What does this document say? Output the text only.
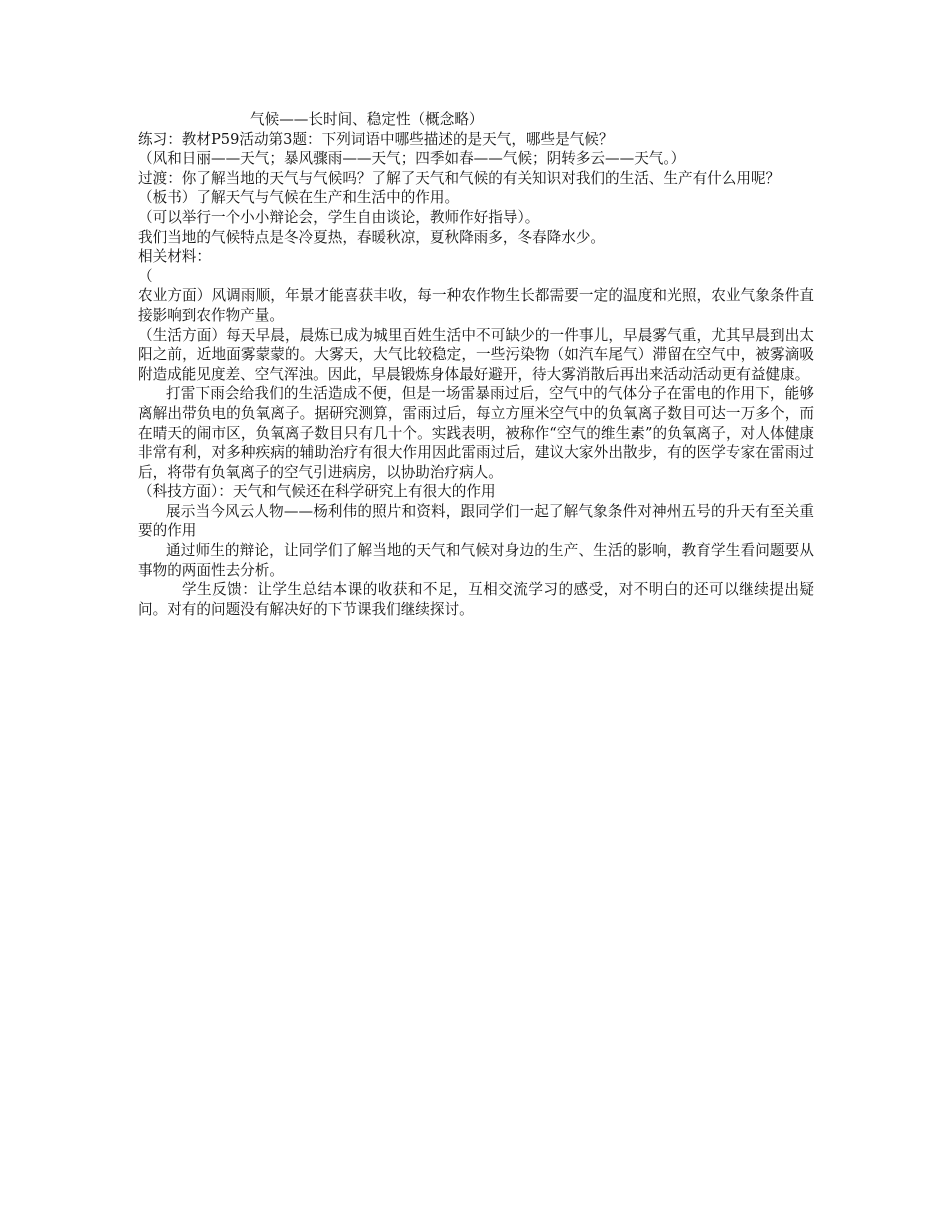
气候——长时间、稳定性（概念略）
练习：教材P59活动第3题：下列词语中哪些描述的是天气，哪些是气候？
（风和日丽——天气；暴风骤雨——天气；四季如春——气候；阴转多云——天气。）

过渡：你了解当地的天气与气候吗？了解了天气和气候的有关知识对我们的生活、生产有什么用呢？

（板书）了解天气与气候在生产和生活中的作用。
（可以举行一个小小辩论会，学生自由谈论，教师作好指导）。
我们当地的气候特点是冬冷夏热，春暖秋凉，夏秋降雨多，冬春降水少。
相关材料：
（

农业方面）风调雨顺，年景才能喜获丰收，每一种农作物生长都需要一定的温度和光照，农业气象条件直接影响到农作物产量。

（生活方面）每天早晨，晨炼已成为城里百姓生活中不可缺少的一件事儿，早晨雾气重，尤其早晨到出太阳之前，近地面雾蒙蒙的。大雾天，大气比较稳定，一些污染物（如汽车尾气）滞留在空气中，被雾滴吸附造成能见度差、空气浑浊。因此，早晨锻炼身体最好避开，待大雾消散后再出来活动活动更有益健康。

打雷下雨会给我们的生活造成不便，但是一场雷暴雨过后，空气中的气体分子在雷电的作用下，能够离解出带负电的负氧离子。据研究测算，雷雨过后，每立方厘米空气中的负氧离子数目可达一万多个，而在晴天的闹市区，负氧离子数目只有几十个。实践表明，被称作“空气的维生素”的负氧离子，对人体健康非常有利，对多种疾病的辅助治疗有很大作用因此雷雨过后，建议大家外出散步，有的医学专家在雷雨过后，将带有负氧离子的空气引进病房，以协助治疗病人。

（科技方面）：天气和气候还在科学研究上有很大的作用

展示当今风云人物——杨利伟的照片和资料，跟同学们一起了解气象条件对神州五号的升天有至关重要的作用

通过师生的辩论，让同学们了解当地的天气和气候对身边的生产、生活的影响，教育学生看问题要从事物的两面性去分析。

学生反馈：让学生总结本课的收获和不足，互相交流学习的感受，对不明白的还可以继续提出疑问。对有的问题没有解决好的下节课我们继续探讨。
